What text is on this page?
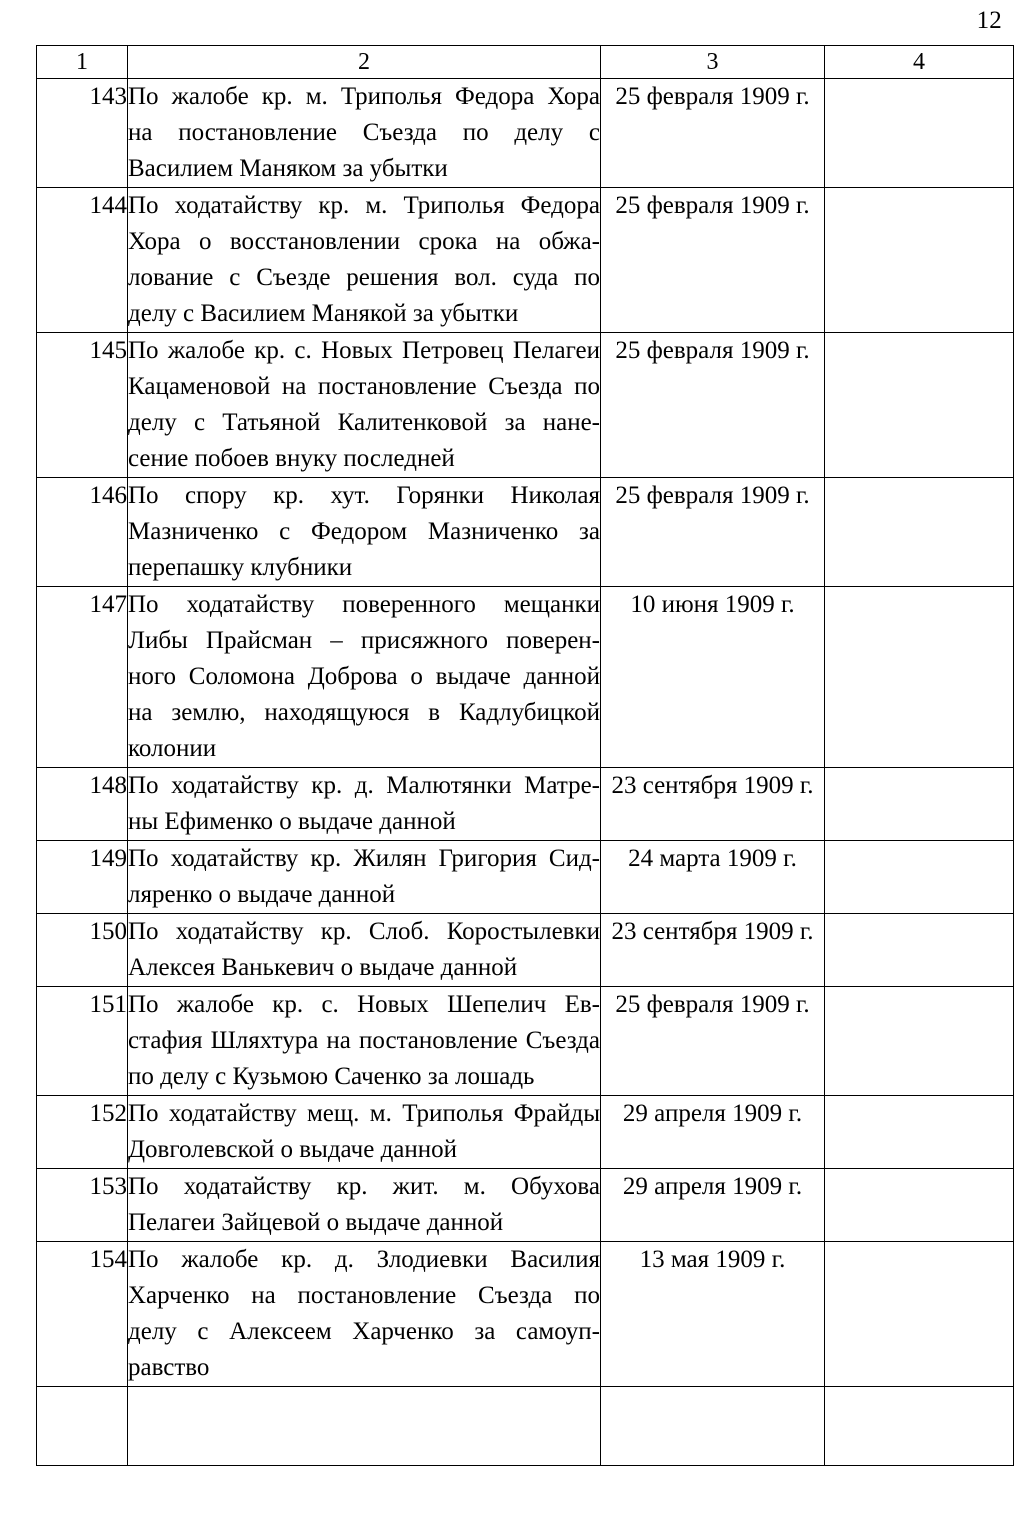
12
1	2	3	4
143	По жалобе кр. м. Триполья Федора Хора
на постановление Съезда по делу с
Василием Маняком за убытки	25 февраля 1909 г.	
144	По ходатайству кр. м. Триполья Федора
Хора о восстановлении срока на обжа-
лование с Съезде решения вол. суда по
делу с Василием Манякой за убытки	25 февраля 1909 г.	
145	По жалобе кр. с. Новых Петровец Пелагеи
Кацаменовой на постановление Съезда по
делу с Татьяной Калитенковой за нане-
сение побоев внуку последней	25 февраля 1909 г.	
146	По спору кр. хут. Горянки Николая
Мазниченко с Федором Мазниченко за
перепашку клубники	25 февраля 1909 г.	
147	По ходатайству поверенного мещанки
Либы Прайсман – присяжного поверен-
ного Соломона Доброва о выдаче данной
на землю, находящуюся в Кадлубицкой
колонии	10 июня 1909 г.	
148	По ходатайству кр. д. Малютянки Матре-
ны Ефименко о выдаче данной	23 сентября 1909 г.	
149	По ходатайству кр. Жилян Григория Сид-
ляренко о выдаче данной	24 марта 1909 г.	
150	По ходатайству кр. Слоб. Коростылевки
Алексея Ванькевич о выдаче данной	23 сентября 1909 г.	
151	По жалобе кр. с. Новых Шепелич Ев-
стафия Шляхтура на постановление Съезда
по делу с Кузьмою Саченко за лошадь	25 февраля 1909 г.	
152	По ходатайству мещ. м. Триполья Фрайды
Довголевской о выдаче данной	29 апреля 1909 г.	
153	По ходатайству кр. жит. м. Обухова
Пелагеи Зайцевой о выдаче данной	29 апреля 1909 г.	
154	По жалобе кр. д. Злодиевки Василия
Харченко на постановление Съезда по
делу с Алексеем Харченко за самоуп-
равство	13 мая 1909 г.	
